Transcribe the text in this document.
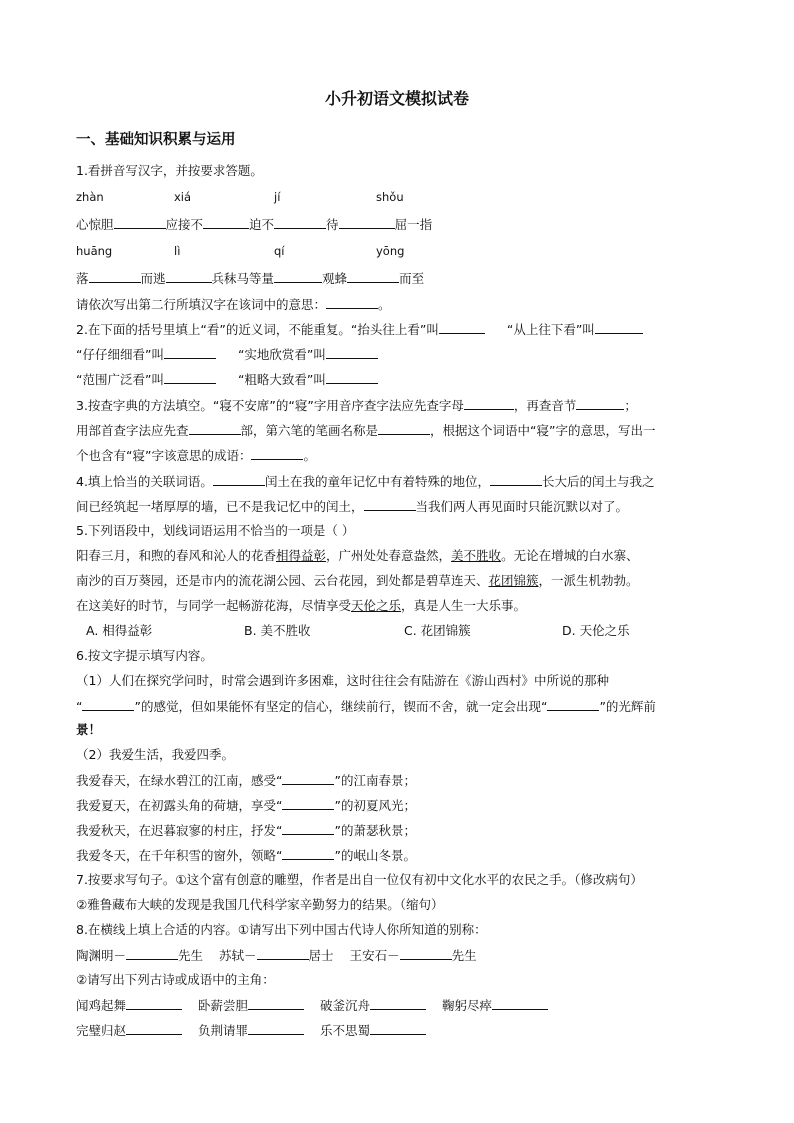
小升初语文模拟试卷
一、基础知识积累与运用
1.看拼音写汉字，并按要求答题。
zhàn	xiá	jí	shǒu
心惊胆	应接不	迫不	待	屈一指
huāng	lì	qí	yōng
落	而逃	兵秣马等量	观蜂	而至
请依次写出第二行所填汉字在该词中的意思：	。
2.在下面的括号里填上“看”的近义词，不能重复。“抬头往上看”叫	“从上往下看”叫
“仔仔细细看”叫	“实地欣赏看”叫
“范围广泛看”叫	“粗略大致看”叫
3.按查字典的方法填空。“寝不安席”的“寝”字用音序查字法应先查字母	，再查音节	；
用部首查字法应先查	部，第六笔的笔画名称是	，根据这个词语中“寝”字的意思，写出一
个也含有“寝”字该意思的成语：	。
4.填上恰当的关联词语。	闰土在我的童年记忆中有着特殊的地位，	长大后的闰土与我之
间已经筑起一堵厚厚的墙，已不是我记忆中的闰土，	当我们两人再见面时只能沉默以对了。
5.下列语段中，划线词语运用不恰当的一项是（ ）
阳春三月，和煦的春风和沁人的花香相得益彰，广州处处春意盎然，美不胜收。无论在增城的白水寨、
南沙的百万葵园，还是市内的流花湖公园、云台花园，到处都是碧草连天、花团锦簇，一派生机勃勃。
在这美好的时节，与同学一起畅游花海，尽情享受天伦之乐，真是人生一大乐事。
A. 相得益彰	B. 美不胜收	C. 花团锦簇	D. 天伦之乐
6.按文字提示填写内容。
（1）人们在探究学问时，时常会遇到许多困难，这时往往会有陆游在《游山西村》中所说的那种
“	”的感觉，但如果能怀有坚定的信心，继续前行，锲而不舍，就一定会出现“	”的光辉前
景！
（2）我爱生活，我爱四季。
我爱春天，在绿水碧江的江南，感受“	”的江南春景；
我爱夏天，在初露头角的荷塘，享受“	”的初夏风光；
我爱秋天，在迟暮寂寥的村庄，抒发“	”的萧瑟秋景；
我爱冬天，在千年积雪的窗外，领略“	”的岷山冬景。
7.按要求写句子。①这个富有创意的雕塑，作者是出自一位仅有初中文化水平的农民之手。（修改病句）
②雅鲁藏布大峡的发现是我国几代科学家辛勤努力的结果。（缩句）
8.在横线上填上合适的内容。①请写出下列中国古代诗人你所知道的别称：
陶渊明－	先生 苏轼－	居士 王安石－	先生
②请写出下列古诗或成语中的主角：
闻鸡起舞	卧薪尝胆	破釜沉舟	鞠躬尽瘁
完璧归赵	负荆请罪	乐不思蜀
